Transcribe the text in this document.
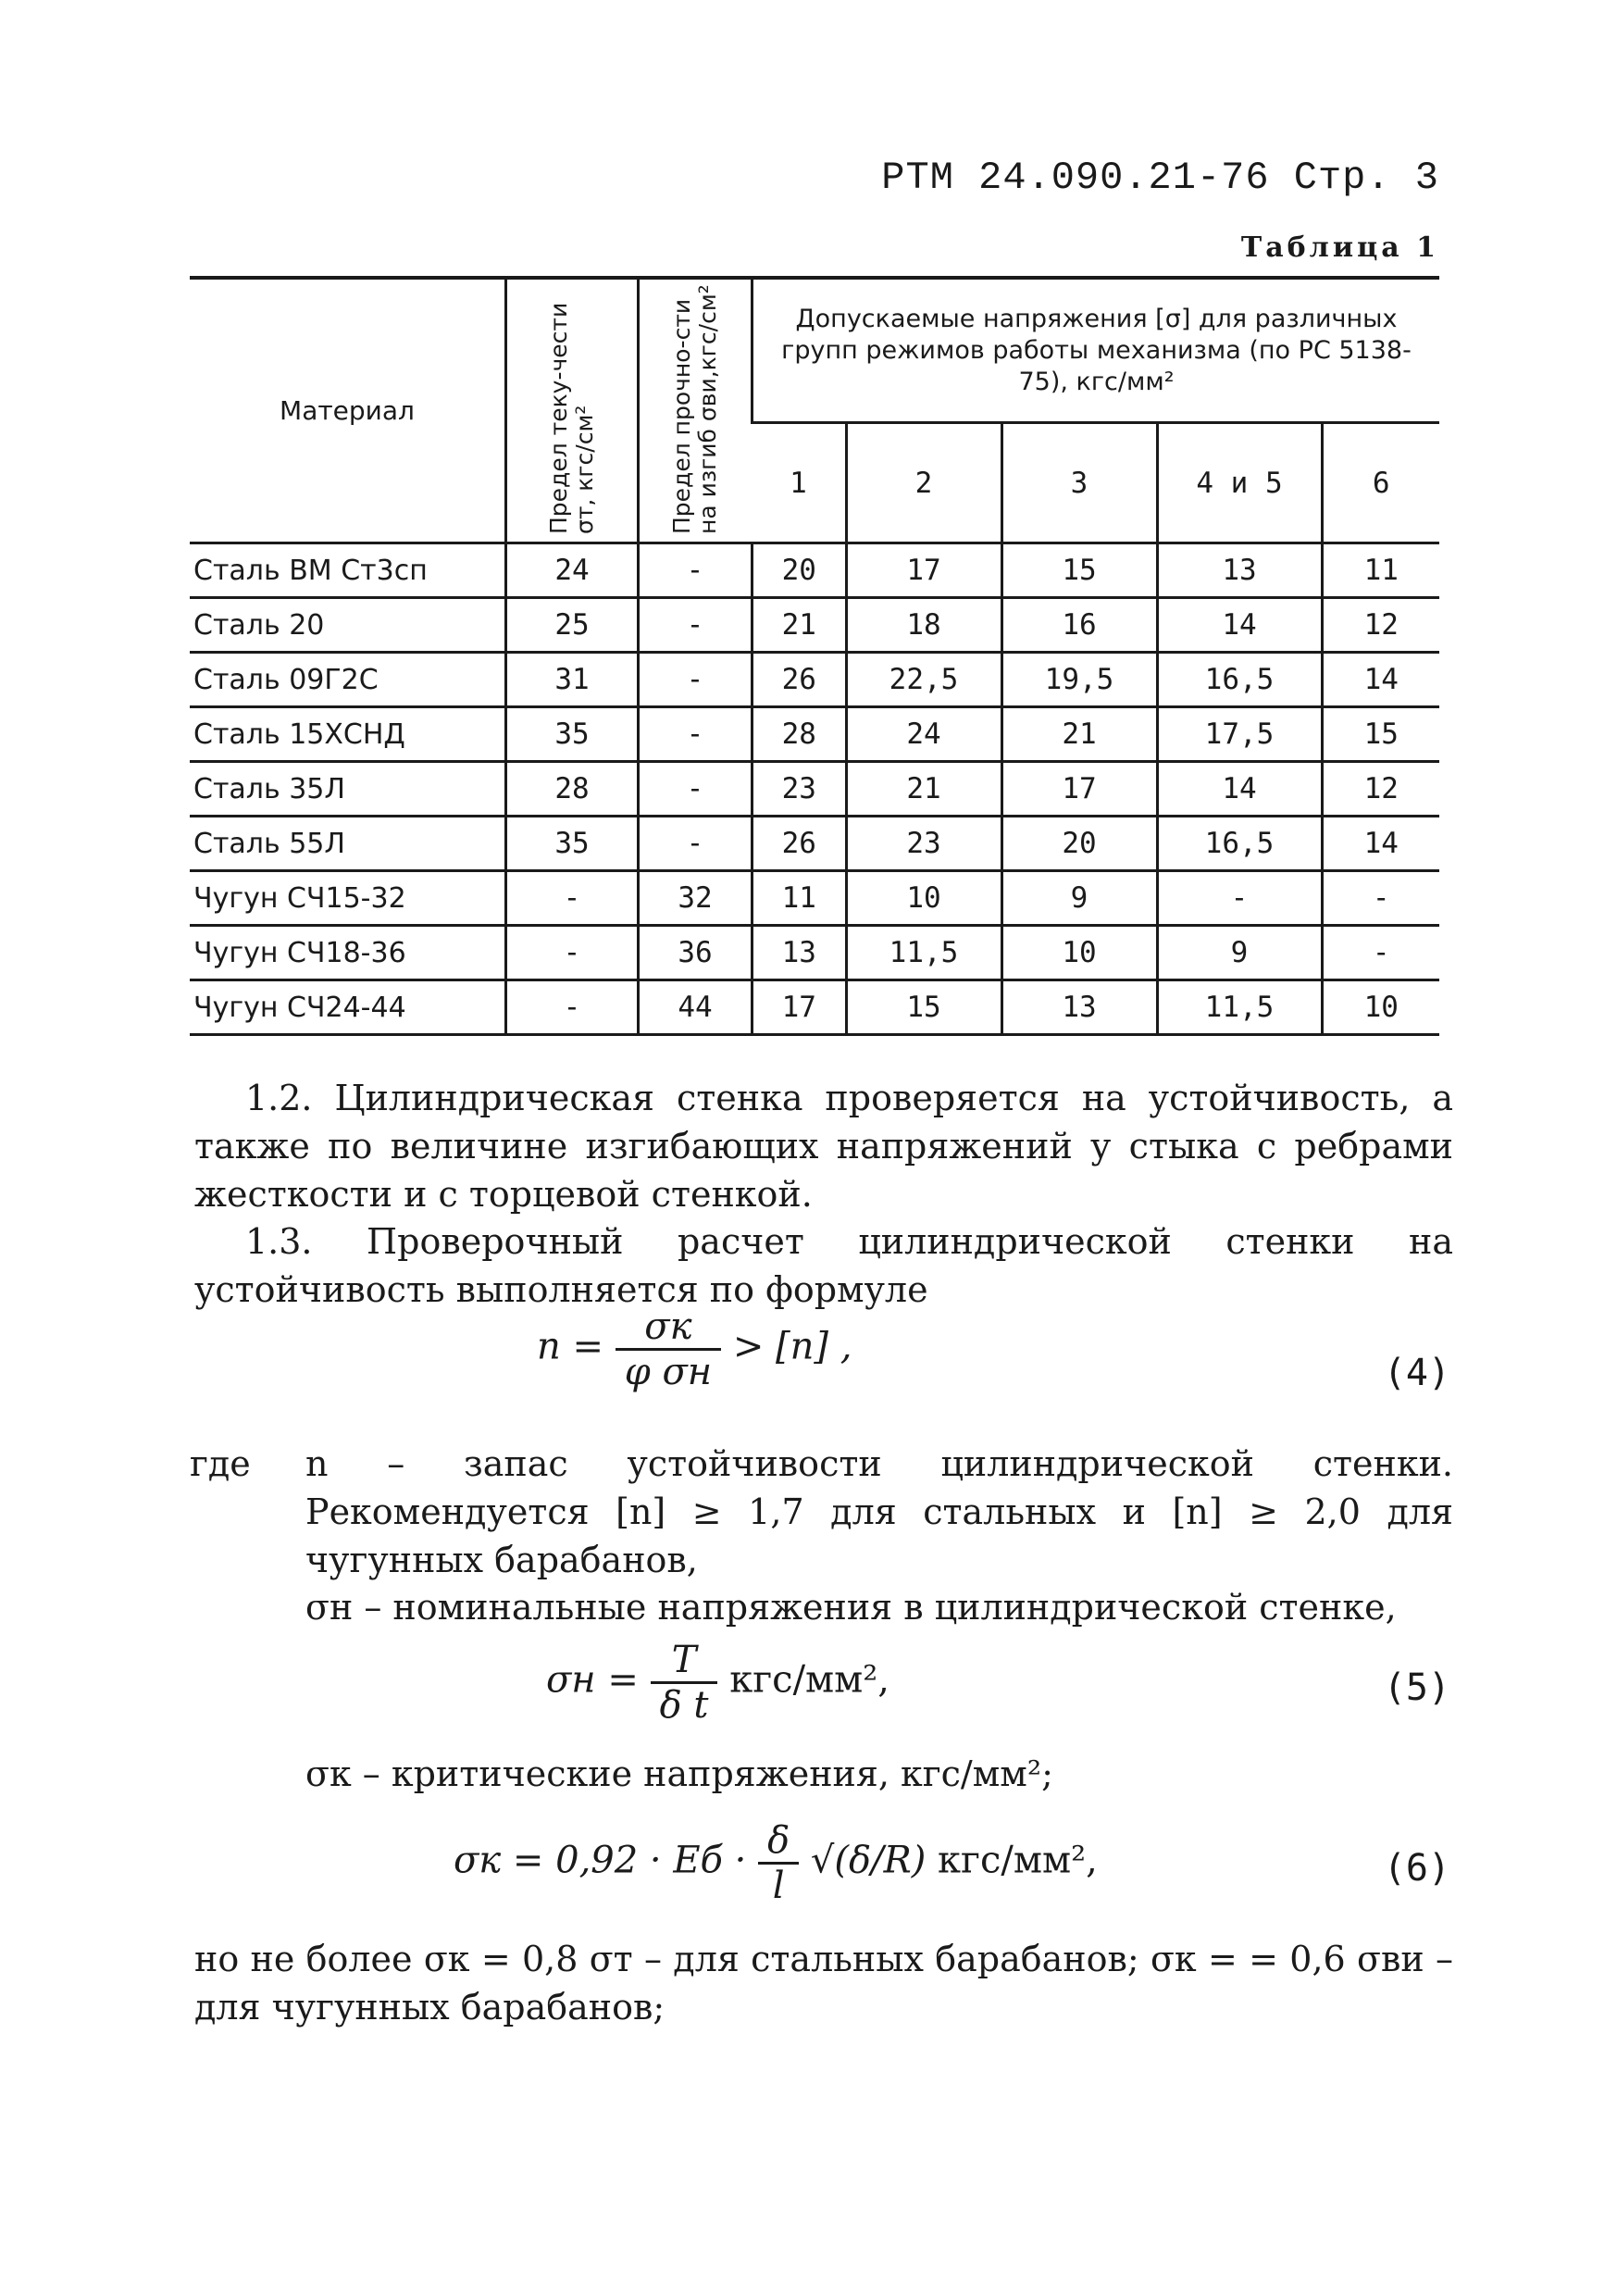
РТМ 24.090.21-76 Стр. 3
Таблица 1
Материал	Предел теку-чести σт, кгс/см²	Предел прочно-сти на изгиб σви,кгс/см²	Допускаемые напряжения [σ] для различных групп режимов работы механизма (по РС 5138-75), кгс/мм²				
			1	2	3	4 и 5	6
Сталь ВМ Ст3сп	24	-	20	17	15	13	11
Сталь 20	25	-	21	18	16	14	12
Сталь 09Г2С	31	-	26	22,5	19,5	16,5	14
Сталь 15ХСНД	35	-	28	24	21	17,5	15
Сталь 35Л	28	-	23	21	17	14	12
Сталь 55Л	35	-	26	23	20	16,5	14
Чугун СЧ15-32	-	32	11	10	9	-	-
Чугун СЧ18-36	-	36	13	11,5	10	9	-
Чугун СЧ24-44	-	44	17	15	13	11,5	10
1.2. Цилиндрическая стенка проверяется на устойчивость, а также по величине изгибающих напряжений у стыка с ребрами жесткости и с торцевой стенкой.
1.3. Проверочный расчет цилиндрической стенки на устойчивость выполняется по формуле
$n = \frac{\sigma к}{\text{φ σн}} > [n]$ ,
(4)
где	n – запас устойчивости цилиндрической стенки. Рекомендуется [n] ≥ 1,7 для стальных и [n] ≥ 2,0 для чугунных барабанов,
σн – номинальные напряжения в цилиндрической стенке,
$\sigma н = \frac{T}{\text{δ t}} кгс/мм^2$,	(5)
σк – критические напряжения, кгс/мм²;
σк = 0,92 · Eб · $\frac{\delta}{l} √(\delta/R)$ кгс/мм²,	(6)
но не более σк = 0,8 σт – для стальных барабанов; σк = = 0,6 σви – для чугунных барабанов;
